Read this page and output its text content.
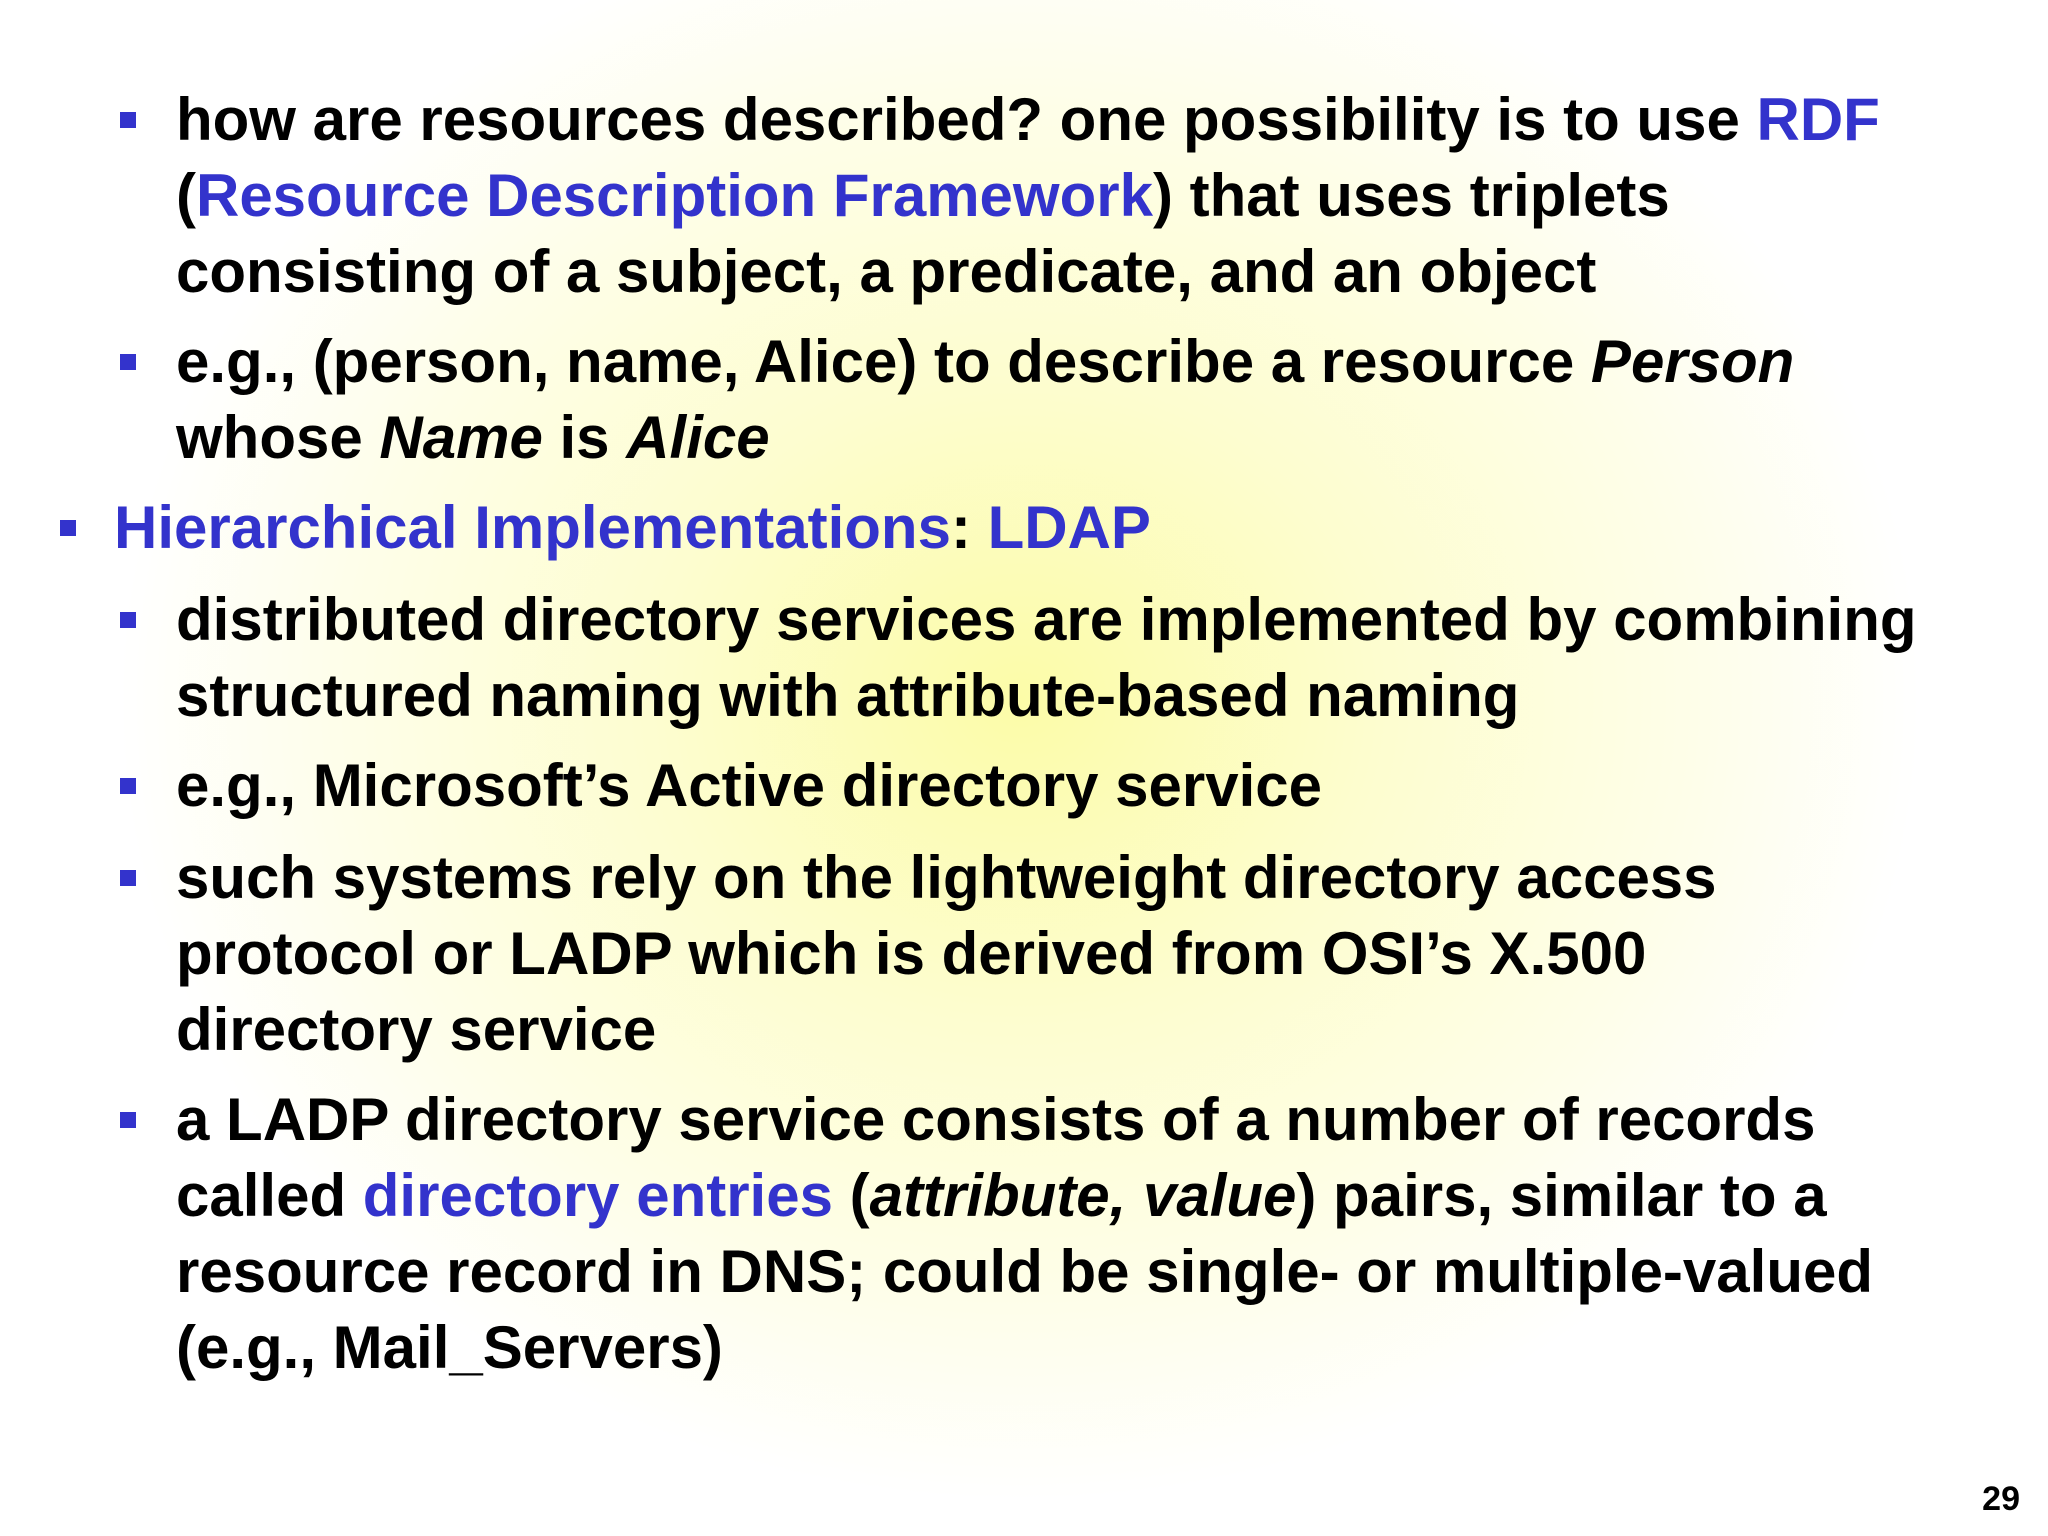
how are resources described? one possibility is to use RDF
(Resource Description Framework) that uses triplets
consisting of a subject, a predicate, and an object
e.g., (person, name, Alice) to describe a resource Person
whose Name is Alice
Hierarchical Implementations: LDAP
distributed directory services are implemented by combining
structured naming with attribute-based naming
e.g., Microsoft’s Active directory service
such systems rely on the lightweight directory access
protocol or LADP which is derived from OSI’s X.500
directory service
a LADP directory service consists of a number of records
called directory entries (attribute, value) pairs, similar to a
resource record in DNS; could be single- or multiple-valued
(e.g., Mail_Servers)
29
